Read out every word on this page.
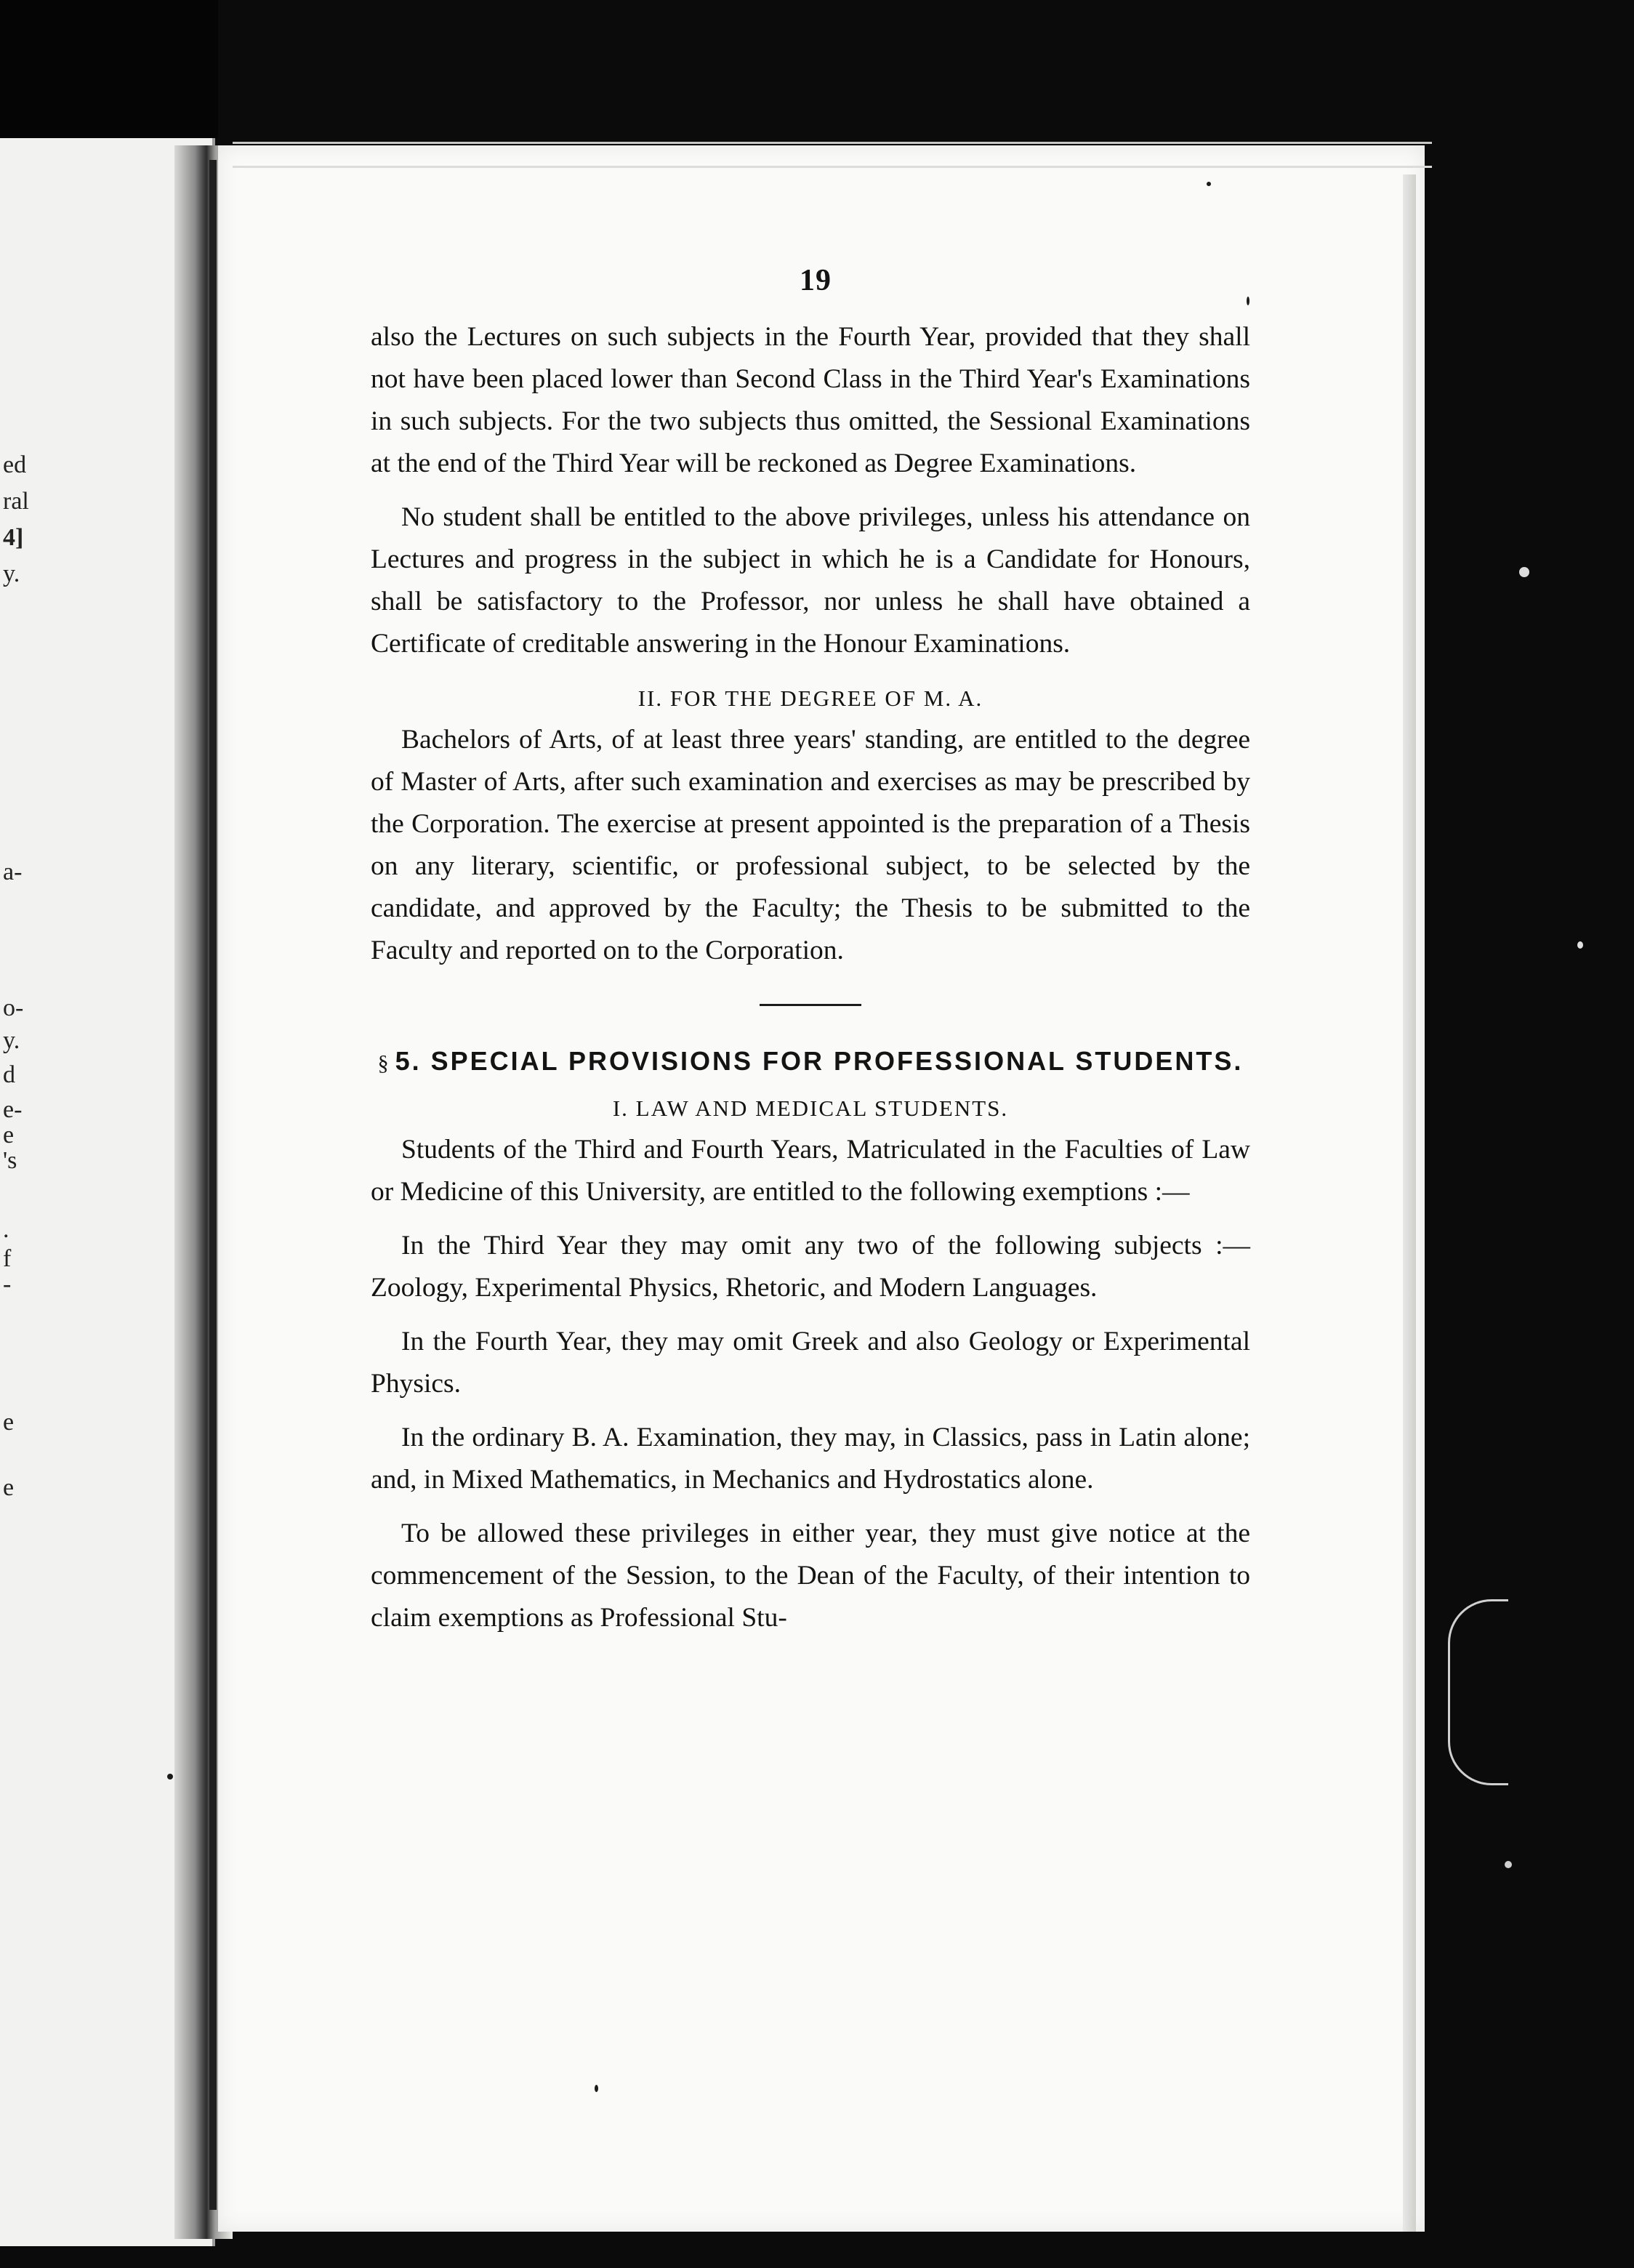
ed
ral
4]
y.
a-
o-
y.
d
e-
e
's
.
f
-
e
e
19

also the Lectures on such subjects in the Fourth Year, provided that they shall not have been placed lower than Second Class in the Third Year's Examinations in such subjects. For the two subjects thus omitted, the Sessional Examinations at the end of the Third Year will be reckoned as Degree Examinations.

No student shall be entitled to the above privileges, unless his attendance on Lectures and progress in the subject in which he is a Candidate for Honours, shall be satisfactory to the Professor, nor unless he shall have obtained a Certificate of creditable answering in the Honour Examinations.

II. FOR THE DEGREE OF M. A.

Bachelors of Arts, of at least three years' standing, are entitled to the degree of Master of Arts, after such examination and exercises as may be prescribed by the Corporation. The exercise at present appointed is the preparation of a Thesis on any literary, scientific, or professional subject, to be selected by the candidate, and approved by the Faculty; the Thesis to be submitted to the Faculty and reported on to the Corporation.

§ 5. SPECIAL PROVISIONS FOR PROFESSIONAL STUDENTS.

I. LAW AND MEDICAL STUDENTS.

Students of the Third and Fourth Years, Matriculated in the Faculties of Law or Medicine of this University, are entitled to the following exemptions :—

In the Third Year they may omit any two of the following subjects :—Zoology, Experimental Physics, Rhetoric, and Modern Languages.

In the Fourth Year, they may omit Greek and also Geology or Experimental Physics.

In the ordinary B. A. Examination, they may, in Classics, pass in Latin alone; and, in Mixed Mathematics, in Mechanics and Hydrostatics alone.

To be allowed these privileges in either year, they must give notice at the commencement of the Session, to the Dean of the Faculty, of their intention to claim exemptions as Professional Stu-
